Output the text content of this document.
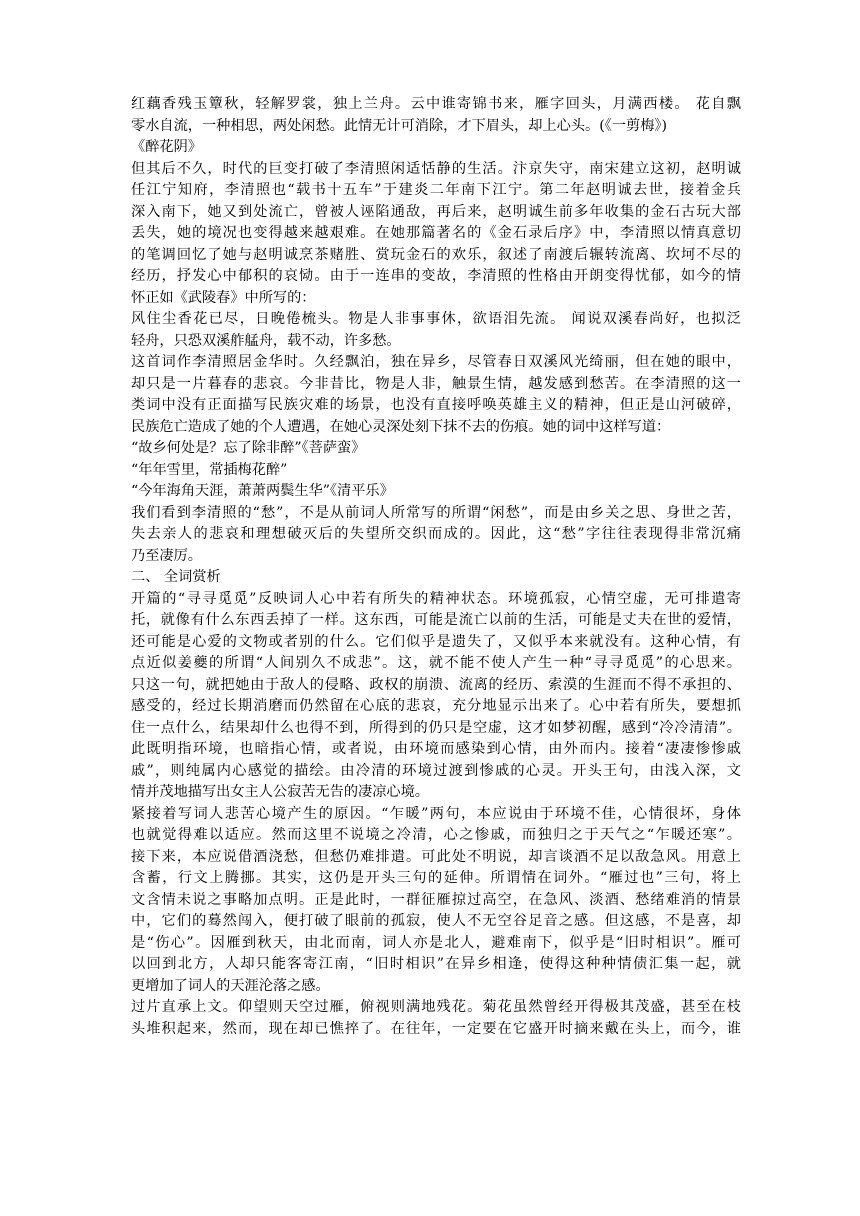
红藕香残玉簟秋，轻解罗裳，独上兰舟。云中谁寄锦书来，雁字回头，月满西楼。 花自飘
零水自流，一种相思，两处闲愁。此情无计可消除，才下眉头，却上心头。(《一剪梅》)
《醉花阴》
但其后不久，时代的巨变打破了李清照闲适恬静的生活。汴京失守，南宋建立这初，赵明诚
任江宁知府，李清照也“载书十五车”于建炎二年南下江宁。第二年赵明诚去世，接着金兵
深入南下，她又到处流亡，曾被人诬陷通敌，再后来，赵明诚生前多年收集的金石古玩大部
丢失，她的境况也变得越来越艰难。在她那篇著名的《金石录后序》中，李清照以情真意切
的笔调回忆了她与赵明诚烹茶赌胜、赏玩金石的欢乐，叙述了南渡后辗转流离、坎坷不尽的
经历，抒发心中郁积的哀恸。由于一连串的变故，李清照的性格由开朗变得忧郁，如今的情
怀正如《武陵春》中所写的：
风住尘香花已尽，日晚倦梳头。物是人非事事休，欲语泪先流。 闻说双溪春尚好，也拟泛
轻舟，只恐双溪舴艋舟，载不动，许多愁。
这首词作李清照居金华时。久经飘泊，独在异乡，尽管春日双溪风光绮丽，但在她的眼中，
却只是一片暮春的悲哀。今非昔比，物是人非，触景生情，越发感到愁苦。在李清照的这一
类词中没有正面描写民族灾难的场景，也没有直接呼唤英雄主义的精神，但正是山河破碎，
民族危亡造成了她的个人遭遇，在她心灵深处刻下抹不去的伤痕。她的词中这样写道：
“故乡何处是？忘了除非醉”《菩萨蛮》
“年年雪里，常插梅花醉”
“今年海角天涯，萧萧两鬓生华”《清平乐》
我们看到李清照的“愁”，不是从前词人所常写的所谓“闲愁”，而是由乡关之思、身世之苦，
失去亲人的悲哀和理想破灭后的失望所交织而成的。因此，这“愁”字往往表现得非常沉痛
乃至凄厉。
二、 全词赏析
开篇的“寻寻觅觅”反映词人心中若有所失的精神状态。环境孤寂，心情空虚，无可排遣寄
托，就像有什么东西丢掉了一样。这东西，可能是流亡以前的生活，可能是丈夫在世的爱情，
还可能是心爱的文物或者别的什么。它们似乎是遗失了，又似乎本来就没有。这种心情，有
点近似姜夔的所谓“人间别久不成悲”。这，就不能不使人产生一种“寻寻觅觅”的心思来。
只这一句，就把她由于敌人的侵略、政权的崩溃、流离的经历、索漠的生涯而不得不承担的、
感受的，经过长期消磨而仍然留在心底的悲哀，充分地显示出来了。心中若有所失，要想抓
住一点什么，结果却什么也得不到，所得到的仍只是空虚，这才如梦初醒，感到“冷冷清清”。
此既明指环境，也暗指心情，或者说，由环境而感染到心情，由外而内。接着“凄凄惨惨戚
戚”，则纯属内心感觉的描绘。由冷清的环境过渡到惨戚的心灵。开头王句，由浅入深，文
情并茂地描写出女主人公寂苦无告的凄凉心境。
紧接着写词人悲苦心境产生的原因。“乍暖”两句，本应说由于环境不佳，心情很坏，身体
也就觉得难以适应。然而这里不说境之冷清，心之惨戚，而独归之于天气之“乍暖还寒”。
接下来，本应说借酒浇愁，但愁仍难排遣。可此处不明说，却言谈酒不足以敌急风。用意上
含蓄，行文上腾挪。其实，这仍是开头三句的延伸。所谓情在词外。“雁过也”三句，将上
文含情未说之事略加点明。正是此时，一群征雁掠过高空，在急风、淡酒、愁绪难消的情景
中，它们的蓦然闯入，便打破了眼前的孤寂，使人不无空谷足音之感。但这感，不是喜，却
是“伤心”。因雁到秋天，由北而南，词人亦是北人，避难南下，似乎是“旧时相识”。雁可
以回到北方，人却只能客寄江南，“旧时相识”在异乡相逢，使得这种种情债汇集一起，就
更增加了词人的天涯沦落之感。
过片直承上文。仰望则天空过雁，俯视则满地残花。菊花虽然曾经开得极其茂盛，甚至在枝
头堆积起来，然而，现在却已憔捽了。在往年，一定要在它盛开时摘来戴在头上，而今，谁
